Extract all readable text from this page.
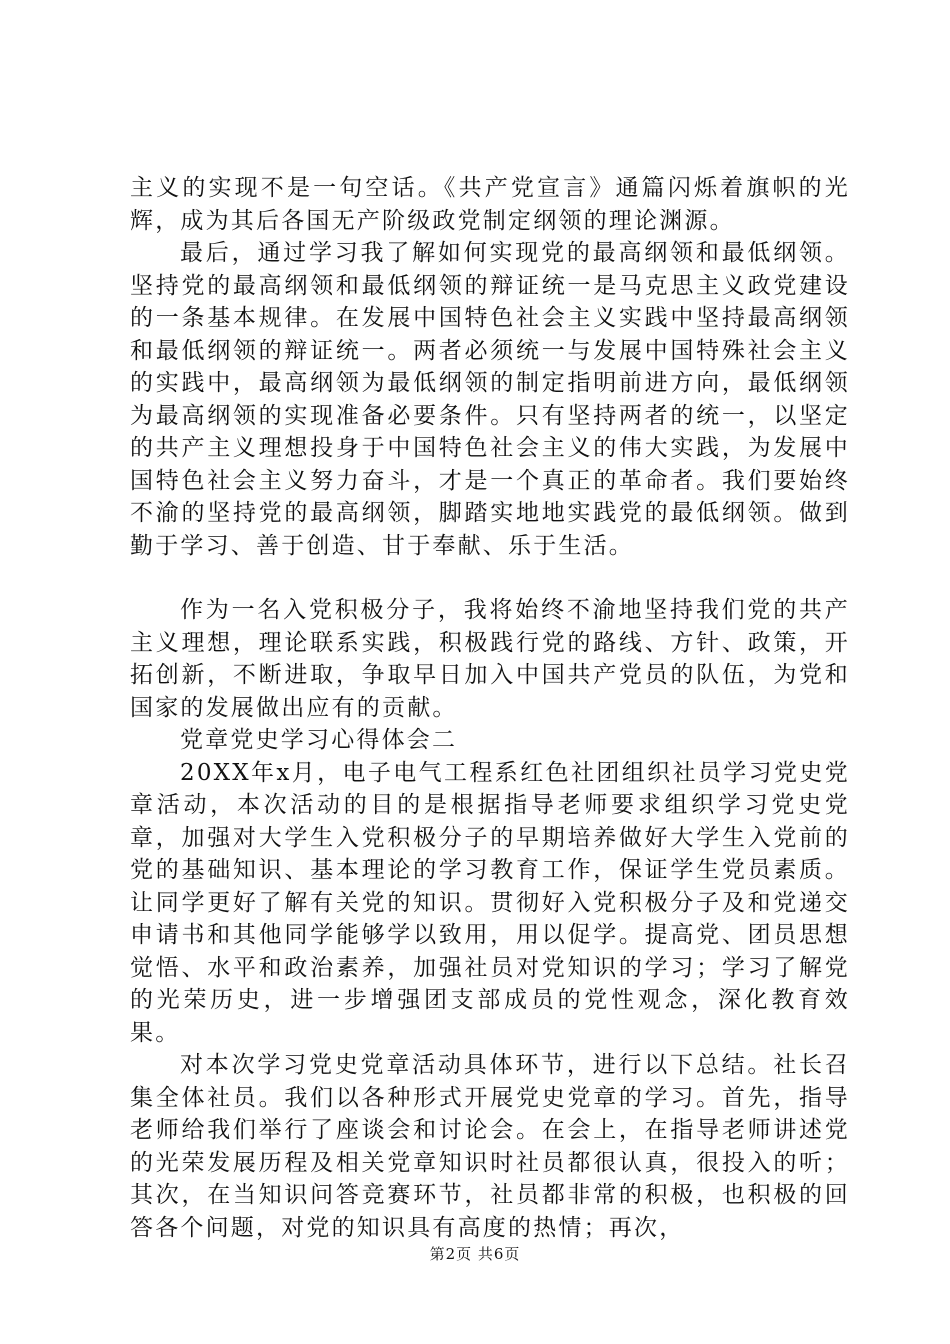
主义的实现不是一句空话。《共产党宣言》通篇闪烁着旗帜的光辉，成为其后各国无产阶级政党制定纲领的理论渊源。

最后，通过学习我了解如何实现党的最高纲领和最低纲领。坚持党的最高纲领和最低纲领的辩证统一是马克思主义政党建设的一条基本规律。在发展中国特色社会主义实践中坚持最高纲领和最低纲领的辩证统一。两者必须统一与发展中国特殊社会主义的实践中，最高纲领为最低纲领的制定指明前进方向，最低纲领为最高纲领的实现准备必要条件。只有坚持两者的统一，以坚定的共产主义理想投身于中国特色社会主义的伟大实践，为发展中国特色社会主义努力奋斗，才是一个真正的革命者。我们要始终不渝的坚持党的最高纲领，脚踏实地地实践党的最低纲领。做到勤于学习、善于创造、甘于奉献、乐于生活。

作为一名入党积极分子，我将始终不渝地坚持我们党的共产主义理想，理论联系实践，积极践行党的路线、方针、政策，开拓创新，不断进取，争取早日加入中国共产党员的队伍，为党和国家的发展做出应有的贡献。

党章党史学习心得体会二

20XX年x月，电子电气工程系红色社团组织社员学习党史党章活动，本次活动的目的是根据指导老师要求组织学习党史党章，加强对大学生入党积极分子的早期培养做好大学生入党前的党的基础知识、基本理论的学习教育工作，保证学生党员素质。让同学更好了解有关党的知识。贯彻好入党积极分子及和党递交申请书和其他同学能够学以致用，用以促学。提高党、团员思想觉悟、水平和政治素养，加强社员对党知识的学习；学习了解党的光荣历史，进一步增强团支部成员的党性观念，深化教育效果。

对本次学习党史党章活动具体环节，进行以下总结。社长召集全体社员。我们以各种形式开展党史党章的学习。首先，指导老师给我们举行了座谈会和讨论会。在会上，在指导老师讲述党的光荣发展历程及相关党章知识时社员都很认真，很投入的听；其次，在当知识问答竞赛环节，社员都非常的积极，也积极的回答各个问题，对党的知识具有高度的热情；再次，

第2页 共6页
